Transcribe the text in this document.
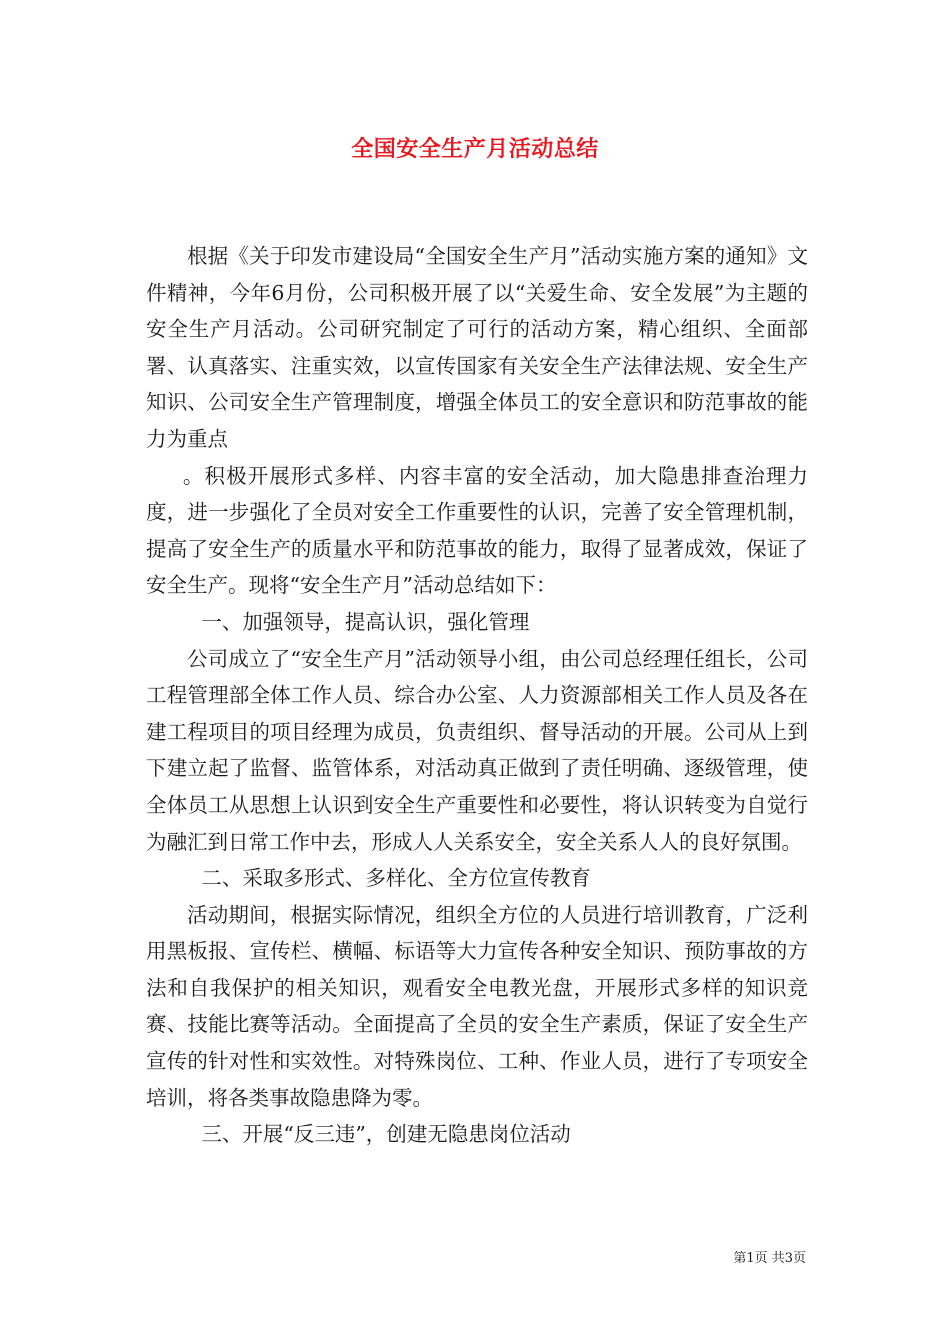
全国安全生产月活动总结

根据《关于印发市建设局“全国安全生产月”活动实施方案的通知》文件精神，今年6月份，公司积极开展了以“关爱生命、安全发展”为主题的安全生产月活动。公司研究制定了可行的活动方案，精心组织、全面部署、认真落实、注重实效，以宣传国家有关安全生产法律法规、安全生产知识、公司安全生产管理制度，增强全体员工的安全意识和防范事故的能力为重点

。积极开展形式多样、内容丰富的安全活动，加大隐患排查治理力度，进一步强化了全员对安全工作重要性的认识，完善了安全管理机制，提高了安全生产的质量水平和防范事故的能力，取得了显著成效，保证了安全生产。现将“安全生产月”活动总结如下：

一、加强领导，提高认识，强化管理

公司成立了“安全生产月”活动领导小组，由公司总经理任组长，公司工程管理部全体工作人员、综合办公室、人力资源部相关工作人员及各在建工程项目的项目经理为成员，负责组织、督导活动的开展。公司从上到下建立起了监督、监管体系，对活动真正做到了责任明确、逐级管理，使全体员工从思想上认识到安全生产重要性和必要性，将认识转变为自觉行为融汇到日常工作中去，形成人人关系安全，安全关系人人的良好氛围。

二、采取多形式、多样化、全方位宣传教育

活动期间，根据实际情况，组织全方位的人员进行培训教育，广泛利用黑板报、宣传栏、横幅、标语等大力宣传各种安全知识、预防事故的方法和自我保护的相关知识，观看安全电教光盘，开展形式多样的知识竞赛、技能比赛等活动。全面提高了全员的安全生产素质，保证了安全生产宣传的针对性和实效性。对特殊岗位、工种、作业人员，进行了专项安全培训，将各类事故隐患降为零。

三、开展“反三违”，创建无隐患岗位活动

第1页 共3页
